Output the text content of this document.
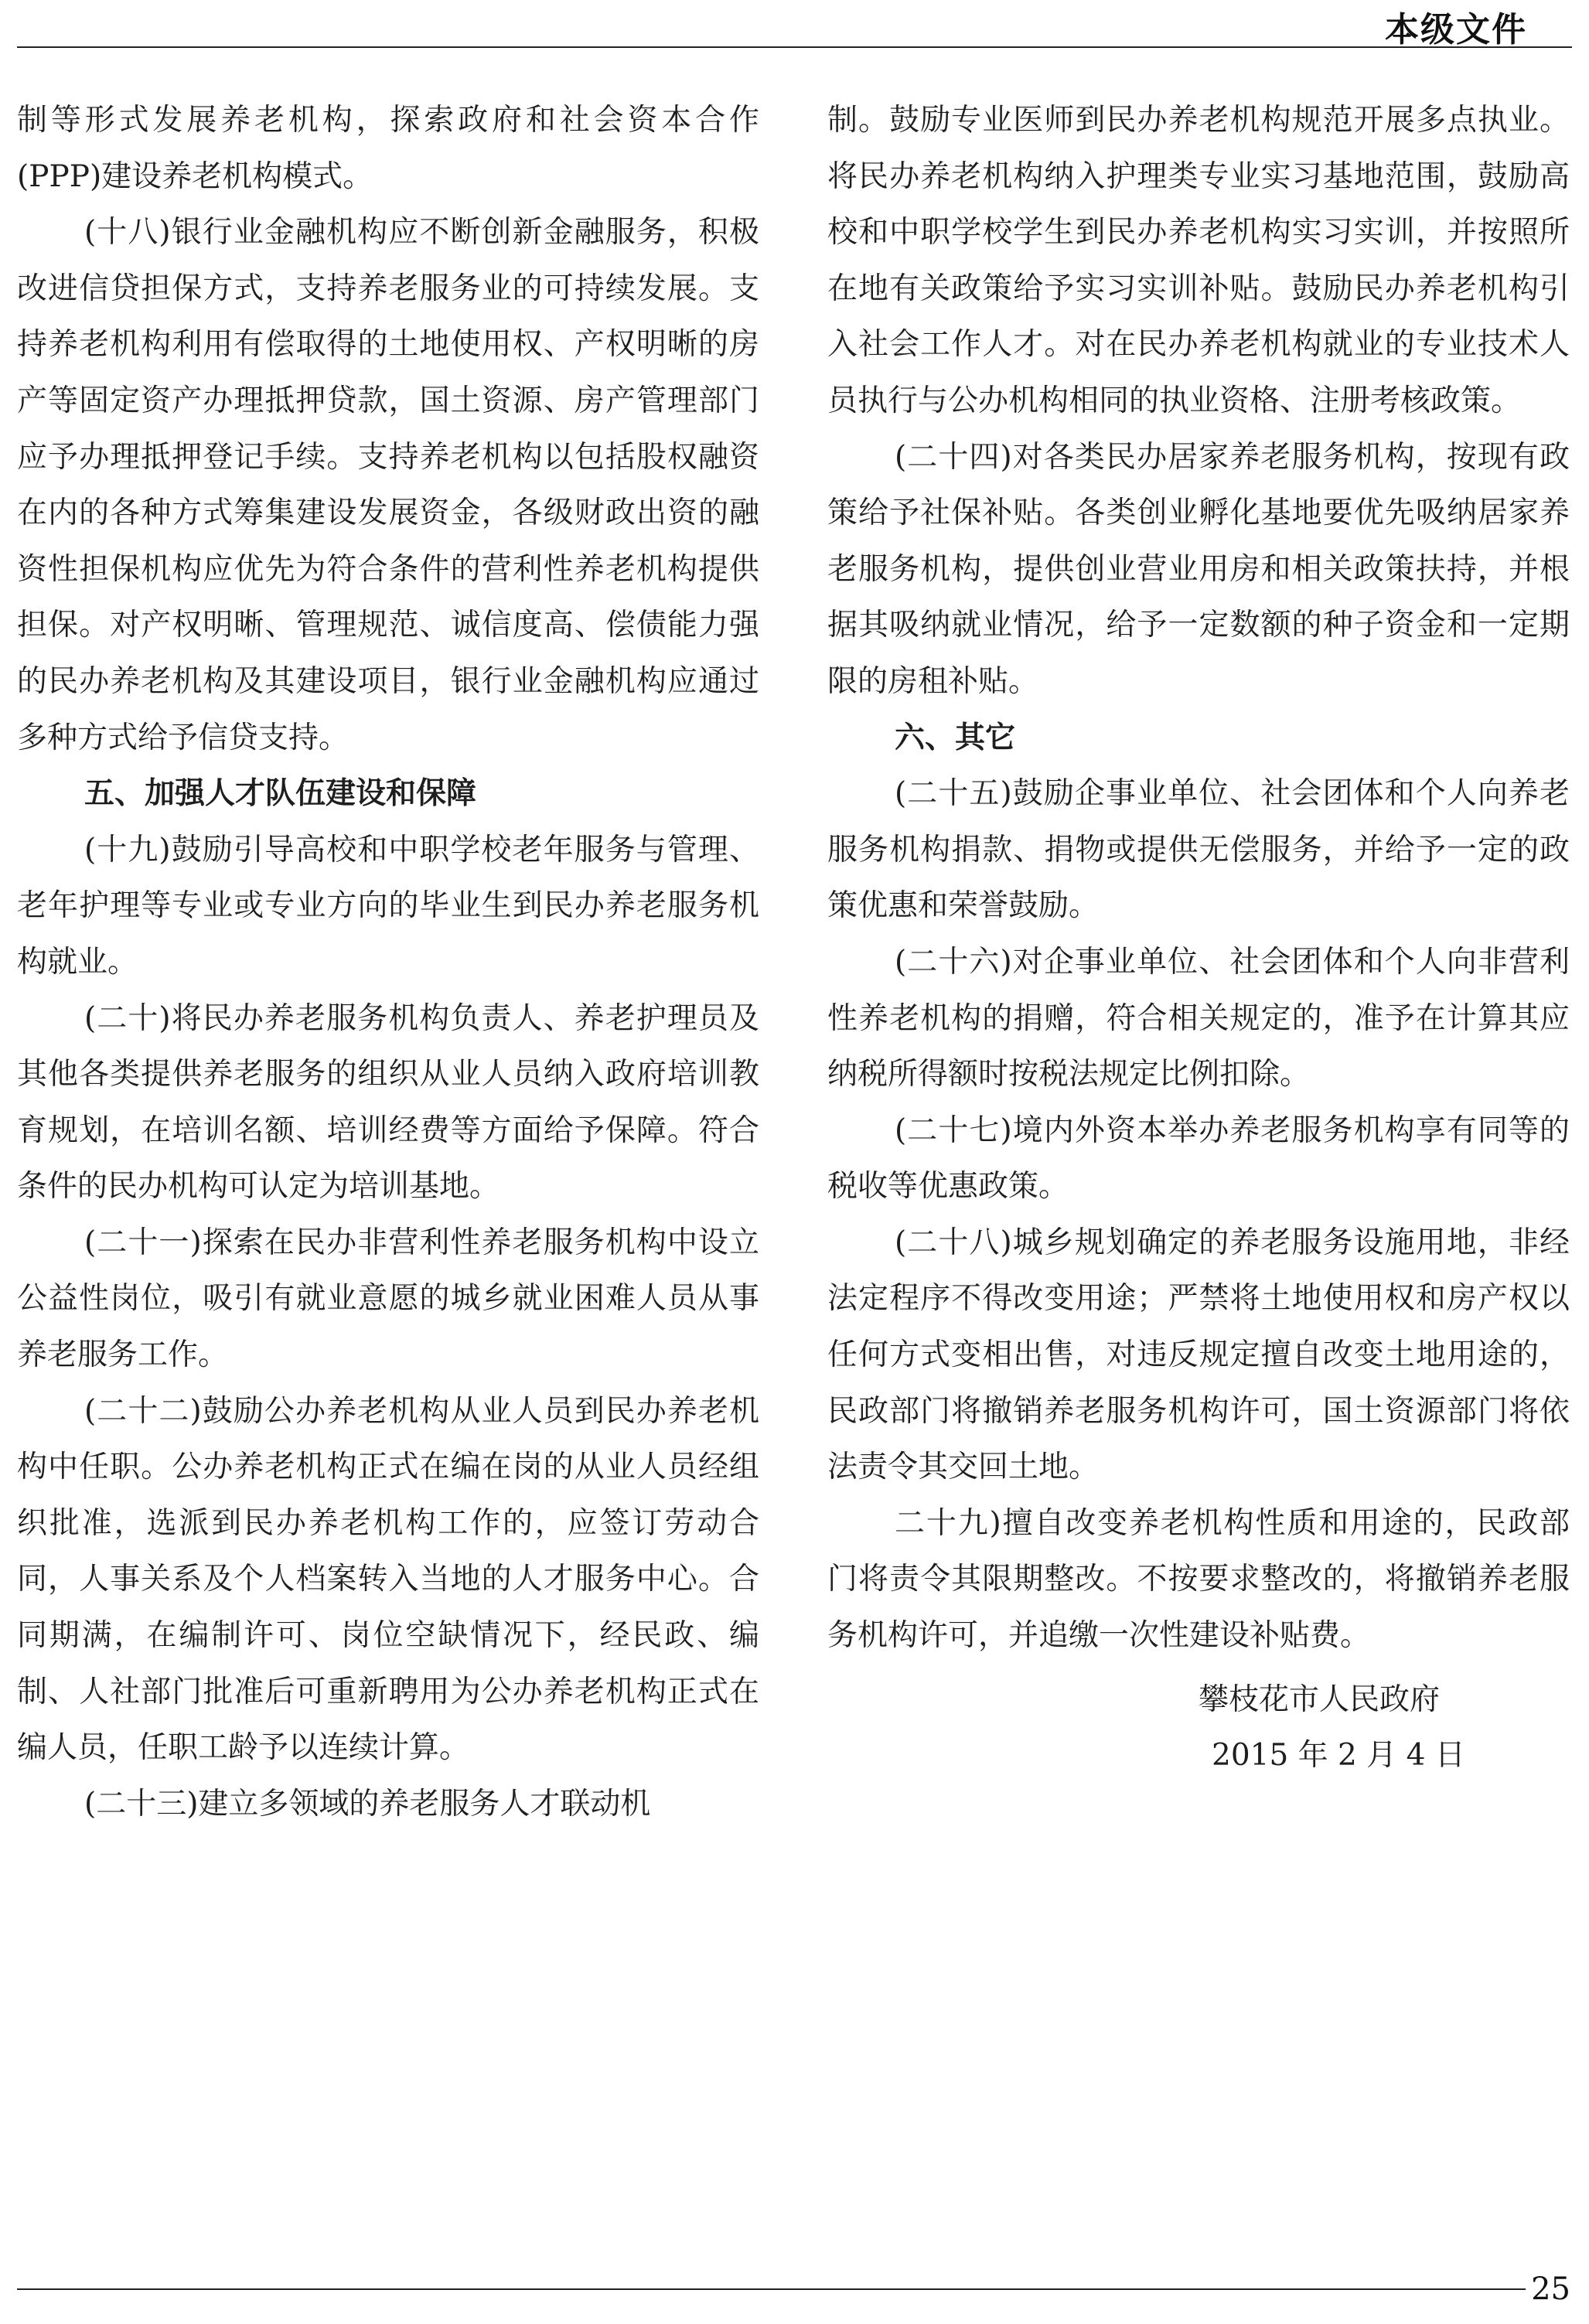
本级文件

制等形式发展养老机构，探索政府和社会资本合作(PPP)建设养老机构模式。

(十八)银行业金融机构应不断创新金融服务，积极改进信贷担保方式，支持养老服务业的可持续发展。支持养老机构利用有偿取得的土地使用权、产权明晰的房产等固定资产办理抵押贷款，国土资源、房产管理部门应予办理抵押登记手续。支持养老机构以包括股权融资在内的各种方式筹集建设发展资金，各级财政出资的融资性担保机构应优先为符合条件的营利性养老机构提供担保。对产权明晰、管理规范、诚信度高、偿债能力强的民办养老机构及其建设项目，银行业金融机构应通过多种方式给予信贷支持。

五、加强人才队伍建设和保障

(十九)鼓励引导高校和中职学校老年服务与管理、老年护理等专业或专业方向的毕业生到民办养老服务机构就业。

(二十)将民办养老服务机构负责人、养老护理员及其他各类提供养老服务的组织从业人员纳入政府培训教育规划，在培训名额、培训经费等方面给予保障。符合条件的民办机构可认定为培训基地。

(二十一)探索在民办非营利性养老服务机构中设立公益性岗位，吸引有就业意愿的城乡就业困难人员从事养老服务工作。

(二十二)鼓励公办养老机构从业人员到民办养老机构中任职。公办养老机构正式在编在岗的从业人员经组织批准，选派到民办养老机构工作的，应签订劳动合同，人事关系及个人档案转入当地的人才服务中心。合同期满，在编制许可、岗位空缺情况下，经民政、编制、人社部门批准后可重新聘用为公办养老机构正式在编人员，任职工龄予以连续计算。

(二十三)建立多领域的养老服务人才联动机

制。鼓励专业医师到民办养老机构规范开展多点执业。将民办养老机构纳入护理类专业实习基地范围，鼓励高校和中职学校学生到民办养老机构实习实训，并按照所在地有关政策给予实习实训补贴。鼓励民办养老机构引入社会工作人才。对在民办养老机构就业的专业技术人员执行与公办机构相同的执业资格、注册考核政策。

(二十四)对各类民办居家养老服务机构，按现有政策给予社保补贴。各类创业孵化基地要优先吸纳居家养老服务机构，提供创业营业用房和相关政策扶持，并根据其吸纳就业情况，给予一定数额的种子资金和一定期限的房租补贴。

六、其它

(二十五)鼓励企事业单位、社会团体和个人向养老服务机构捐款、捐物或提供无偿服务，并给予一定的政策优惠和荣誉鼓励。

(二十六)对企事业单位、社会团体和个人向非营利性养老机构的捐赠，符合相关规定的，准予在计算其应纳税所得额时按税法规定比例扣除。

(二十七)境内外资本举办养老服务机构享有同等的税收等优惠政策。

(二十八)城乡规划确定的养老服务设施用地，非经法定程序不得改变用途；严禁将土地使用权和房产权以任何方式变相出售，对违反规定擅自改变土地用途的，民政部门将撤销养老服务机构许可，国土资源部门将依法责令其交回土地。

二十九)擅自改变养老机构性质和用途的，民政部门将责令其限期整改。不按要求整改的，将撤销养老服务机构许可，并追缴一次性建设补贴费。

攀枝花市人民政府

2015 年 2 月 4 日

25
